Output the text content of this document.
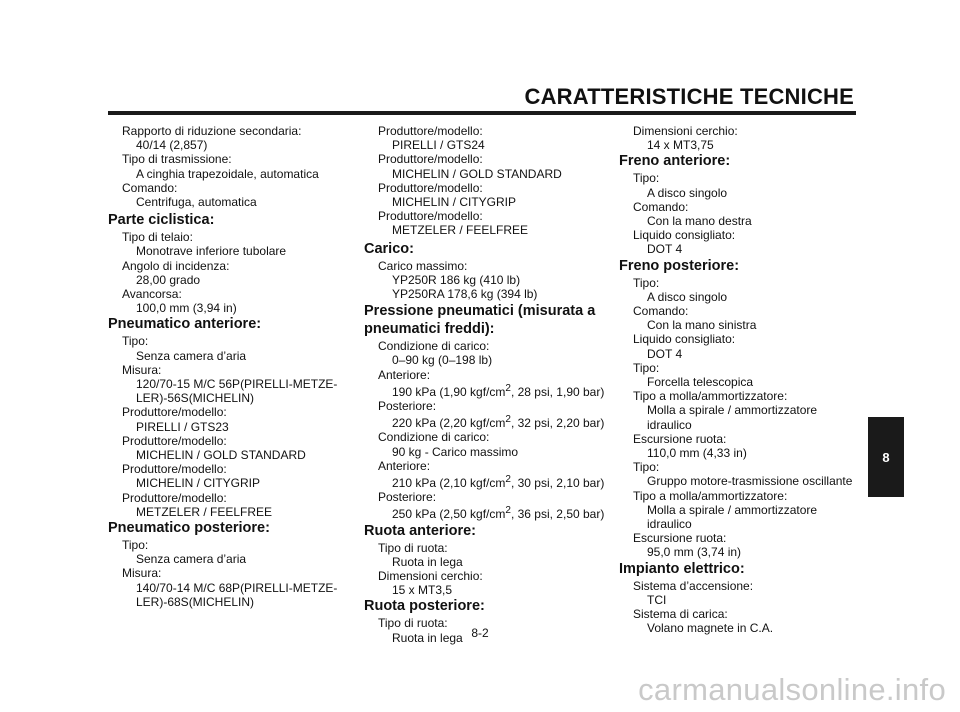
CARATTERISTICHE TECNICHE
Rapporto di riduzione secondaria:
40/14 (2,857)
Tipo di trasmissione:
A cinghia trapezoidale, automatica
Comando:
Centrifuga, automatica
Parte ciclistica:
Tipo di telaio:
Monotrave inferiore tubolare
Angolo di incidenza:
28,00 grado
Avancorsa:
100,0 mm (3,94 in)
Pneumatico anteriore:
Tipo:
Senza camera d’aria
Misura:
120/70-15 M/C 56P(PIRELLI-METZE-
LER)-56S(MICHELIN)
Produttore/modello:
PIRELLI / GTS23
Produttore/modello:
MICHELIN / GOLD STANDARD
Produttore/modello:
MICHELIN / CITYGRIP
Produttore/modello:
METZELER / FEELFREE
Pneumatico posteriore:
Tipo:
Senza camera d’aria
Misura:
140/70-14 M/C 68P(PIRELLI-METZE-
LER)-68S(MICHELIN)
Produttore/modello:
PIRELLI / GTS24
Produttore/modello:
MICHELIN / GOLD STANDARD
Produttore/modello:
MICHELIN / CITYGRIP
Produttore/modello:
METZELER / FEELFREE
Carico:
Carico massimo:
YP250R 186 kg (410 lb)
YP250RA 178,6 kg (394 lb)
Pressione pneumatici (misurata a pneumatici freddi):
Condizione di carico:
0–90 kg (0–198 lb)
Anteriore:
190 kPa (1,90 kgf/$cm^2$, 28 psi, 1,90 bar)
Posteriore:
220 kPa (2,20 kgf/$cm^2$, 32 psi, 2,20 bar)
Condizione di carico:
90 kg - Carico massimo
Anteriore:
210 kPa (2,10 kgf/$cm^2$, 30 psi, 2,10 bar)
Posteriore:
250 kPa (2,50 kgf/$cm^2$, 36 psi, 2,50 bar)
Ruota anteriore:
Tipo di ruota:
Ruota in lega
Dimensioni cerchio:
15 x MT3,5
Ruota posteriore:
Tipo di ruota:
Ruota in lega
Dimensioni cerchio:
14 x MT3,75
Freno anteriore:
Tipo:
A disco singolo
Comando:
Con la mano destra
Liquido consigliato:
DOT 4
Freno posteriore:
Tipo:
A disco singolo
Comando:
Con la mano sinistra
Liquido consigliato:
DOT 4
Tipo:
Forcella telescopica
Tipo a molla/ammortizzatore:
Molla a spirale / ammortizzatore idraulico
Escursione ruota:
110,0 mm (4,33 in)
Tipo:
Gruppo motore-trasmissione oscillante
Tipo a molla/ammortizzatore:
Molla a spirale / ammortizzatore idraulico
Escursione ruota:
95,0 mm (3,74 in)
Impianto elettrico:
Sistema d’accensione:
TCI
Sistema di carica:
Volano magnete in C.A.
8
8-2
carmanualsonline.info
